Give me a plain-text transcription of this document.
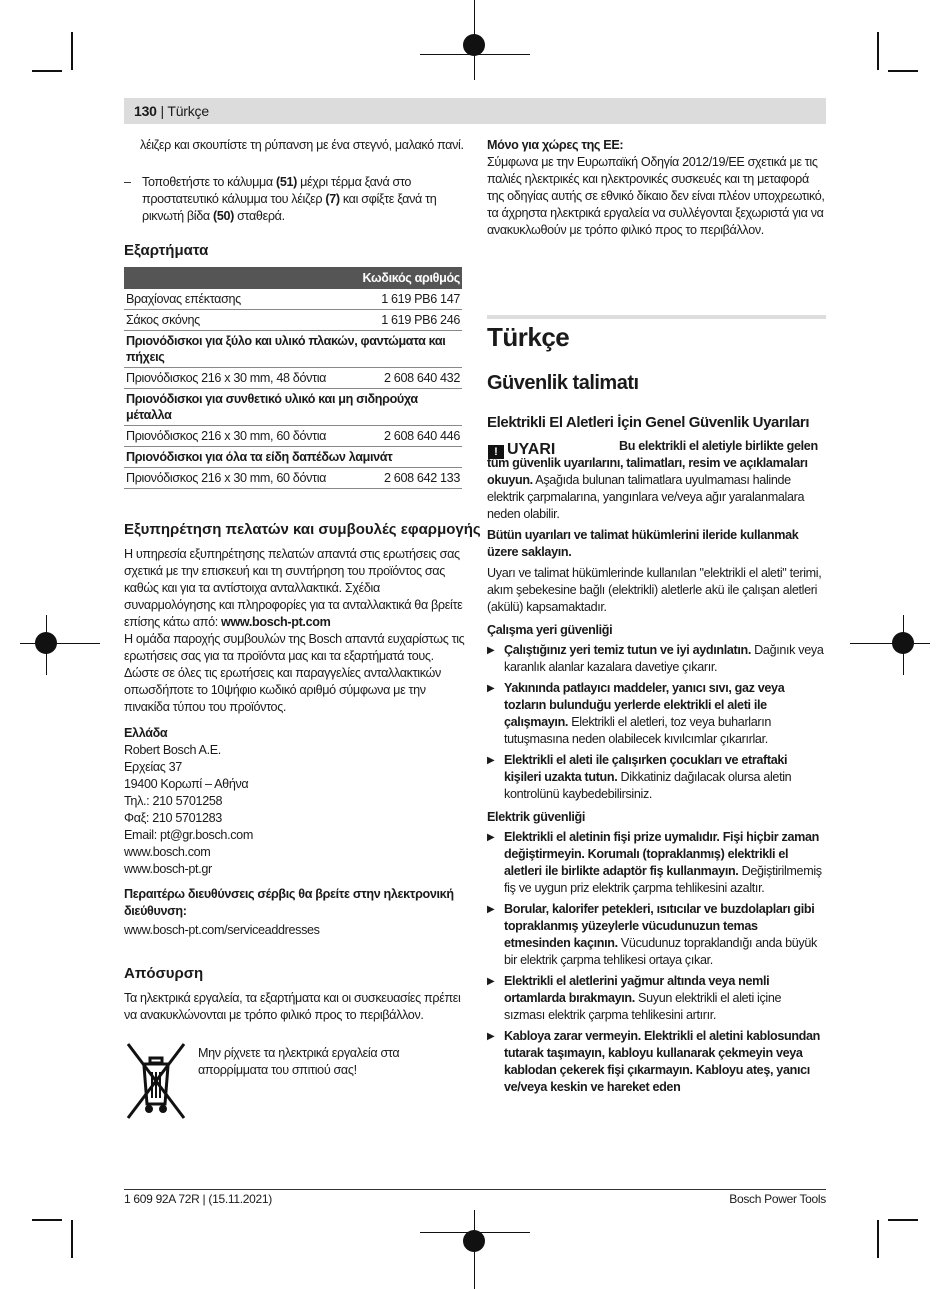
130 | Türkçe

λέιζερ και σκουπίστε τη ρύπανση με ένα στεγνό, μαλακό πανί.

– Τοποθετήστε το κάλυμμα (51) μέχρι τέρμα ξανά στο προστατευτικό κάλυμμα του λέιζερ (7) και σφίξτε ξανά τη ρικνωτή βίδα (50) σταθερά.
Εξαρτήματα
Κωδικός αριθμός	
Βραχίονας επέκτασης	1 619 PB6 147
Σάκος σκόνης	1 619 PB6 246
Πριονόδισκοι για ξύλο και υλικό πλακών, φαντώματα και πήχεις	
Πριονόδισκος 216 x 30 mm, 48 δόντια	2 608 640 432
Πριονόδισκοι για συνθετικό υλικό και μη σιδηρούχα μέταλλα	
Πριονόδισκος 216 x 30 mm, 60 δόντια	2 608 640 446
Πριονόδισκοι για όλα τα είδη δαπέδων λαμινάτ	
Πριονόδισκος 216 x 30 mm, 60 δόντια	2 608 642 133
Εξυπηρέτηση πελατών και συμβουλές εφαρμογής

Η υπηρεσία εξυπηρέτησης πελατών απαντά στις ερωτήσεις σας σχετικά με την επισκευή και τη συντήρηση του προϊόντος σας καθώς και για τα αντίστοιχα ανταλλακτικά. Σχέδια συναρμολόγησης και πληροφορίες για τα ανταλλακτικά θα βρείτε επίσης κάτω από: www.bosch-pt.com

Η ομάδα παροχής συμβουλών της Bosch απαντά ευχαρίστως τις ερωτήσεις σας για τα προϊόντα μας και τα εξαρτήματά τους.

Δώστε σε όλες τις ερωτήσεις και παραγγελίες ανταλλακτικών οπωσδήποτε το 10ψήφιο κωδικό αριθμό σύμφωνα με την πινακίδα τύπου του προϊόντος.

Ελλάδα

Robert Bosch A.E.

Ερχείας 37

19400 Κορωπί – Αθήνα

Τηλ.: 210 5701258

Φαξ: 210 5701283

Email: pt@gr.bosch.com

www.bosch.com

www.bosch-pt.gr

Περαιτέρω διευθύνσεις σέρβις θα βρείτε στην ηλεκτρονική διεύθυνση:

www.bosch-pt.com/serviceaddresses

Απόσυρση

Τα ηλεκτρικά εργαλεία, τα εξαρτήματα και οι συσκευασίες πρέπει να ανακυκλώνονται με τρόπο φιλικό προς το περιβάλλον.

Μην ρίχνετε τα ηλεκτρικά εργαλεία στα απορρίμματα του σπιτιού σας!

Μόνο για χώρες της ΕΕ:

Σύμφωνα με την Ευρωπαϊκή Οδηγία 2012/19/ΕΕ σχετικά με τις παλιές ηλεκτρικές και ηλεκτρονικές συσκευές και τη μεταφορά της οδηγίας αυτής σε εθνικό δίκαιο δεν είναι πλέον υποχρεωτικό, τα άχρηστα ηλεκτρικά εργαλεία να συλλέγονται ξεχωριστά για να ανακυκλωθούν με τρόπο φιλικό προς το περιβάλλον.

Türkçe
Güvenlik talimatı
Elektrikli El Aletleri İçin Genel Güvenlik Uyarıları
! UYARI	Bu elektrikli el aletiyle birlikte gelen tüm güvenlik uyarılarını, talimatları, resim ve açıklamaları okuyun. Aşağıda bulunan talimatlara uyulmaması halinde elektrik çarpmalarına, yangınlara ve/veya ağır yaralanmalara neden olabilir.

Bütün uyarıları ve talimat hükümlerini ileride kullanmak üzere saklayın.

Uyarı ve talimat hükümlerinde kullanılan "elektrikli el aleti" terimi, akım şebekesine bağlı (elektrikli) aletlerle akü ile çalışan aletleri (akülü) kapsamaktadır.

Çalışma yeri güvenliği

▶ Çalıştığınız yeri temiz tutun ve iyi aydınlatın. Dağınık veya karanlık alanlar kazalara davetiye çıkarır.
▶ Yakınında patlayıcı maddeler, yanıcı sıvı, gaz veya tozların bulunduğu yerlerde elektrikli el aleti ile çalışmayın. Elektrikli el aletleri, toz veya buharların tutuşmasına neden olabilecek kıvılcımlar çıkarırlar.
▶ Elektrikli el aleti ile çalışırken çocukları ve etraftaki kişileri uzakta tutun. Dikkatiniz dağılacak olursa aletin kontrolünü kaybedebilirsiniz.

Elektrik güvenliği

▶ Elektrikli el aletinin fişi prize uymalıdır. Fişi hiçbir zaman değiştirmeyin. Korumalı (topraklanmış) elektrikli el aletleri ile birlikte adaptör fiş kullanmayın. Değiştirilmemiş fiş ve uygun priz elektrik çarpma tehlikesini azaltır.
▶ Borular, kalorifer petekleri, ısıtıcılar ve buzdolapları gibi topraklanmış yüzeylerle vücudunuzun temas etmesinden kaçının. Vücudunuz topraklandığı anda büyük bir elektrik çarpma tehlikesi ortaya çıkar.
▶ Elektrikli el aletlerini yağmur altında veya nemli ortamlarda bırakmayın. Suyun elektrikli el aleti içine sızması elektrik çarpma tehlikesini artırır.
▶ Kabloya zarar vermeyin. Elektrikli el aletini kablosundan tutarak taşımayın, kabloyu kullanarak çekmeyin veya kablodan çekerek fişi çıkarmayın. Kabloyu ateş, yanıcı ve/veya keskin ve hareket eden
1 609 92A 72R | (15.11.2021)	Bosch Power Tools
